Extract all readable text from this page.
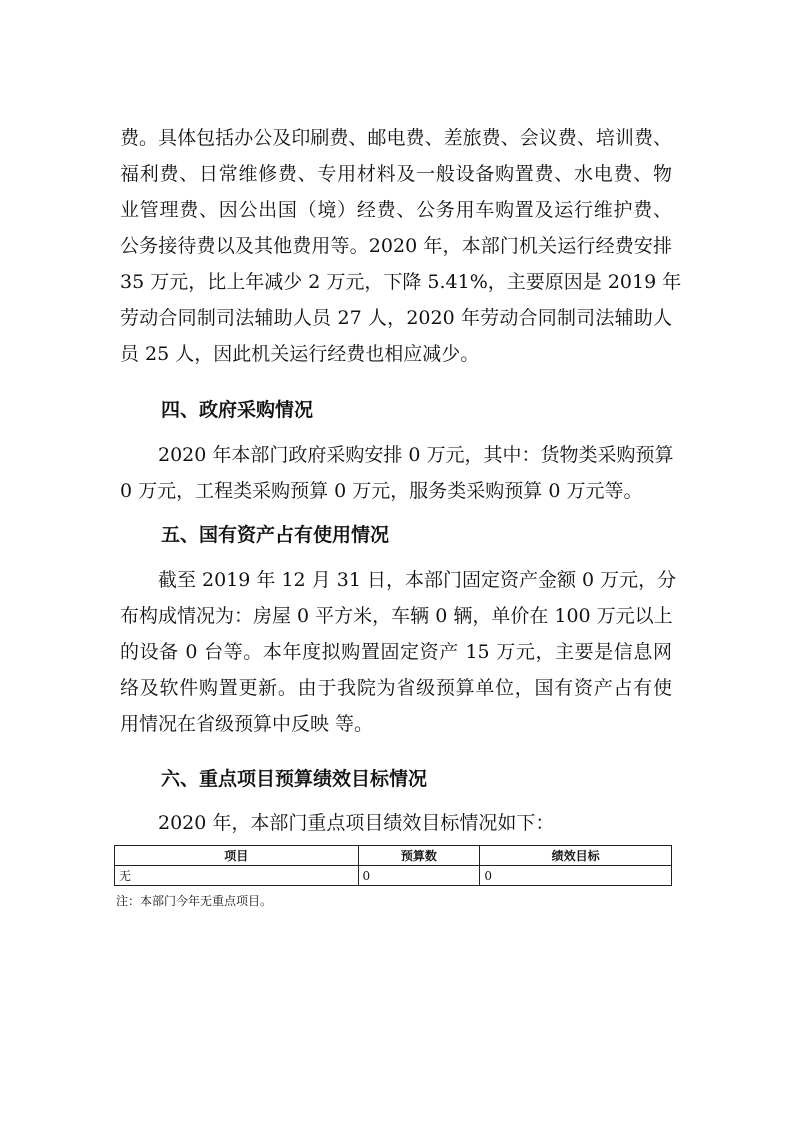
费。具体包括办公及印刷费、邮电费、差旅费、会议费、培训费、
福利费、日常维修费、专用材料及一般设备购置费、水电费、物
业管理费、因公出国（境）经费、公务用车购置及运行维护费、
公务接待费以及其他费用等。2020 年，本部门机关运行经费安排
35 万元，比上年减少 2 万元，下降 5.41%，主要原因是 2019 年
劳动合同制司法辅助人员 27 人，2020 年劳动合同制司法辅助人
员 25 人，因此机关运行经费也相应减少。
四、政府采购情况
2020 年本部门政府采购安排 0 万元，其中：货物类采购预算
0 万元，工程类采购预算 0 万元，服务类采购预算 0 万元等。
五、国有资产占有使用情况
截至 2019 年 12 月 31 日，本部门固定资产金额 0 万元，分
布构成情况为：房屋 0 平方米，车辆 0 辆，单价在 100 万元以上
的设备 0 台等。本年度拟购置固定资产 15 万元，主要是信息网
络及软件购置更新。由于我院为省级预算单位，国有资产占有使
用情况在省级预算中反映 等。
六、重点项目预算绩效目标情况
2020 年，本部门重点项目绩效目标情况如下：
项目	预算数	绩效目标
无	0	0
注：本部门今年无重点项目。
